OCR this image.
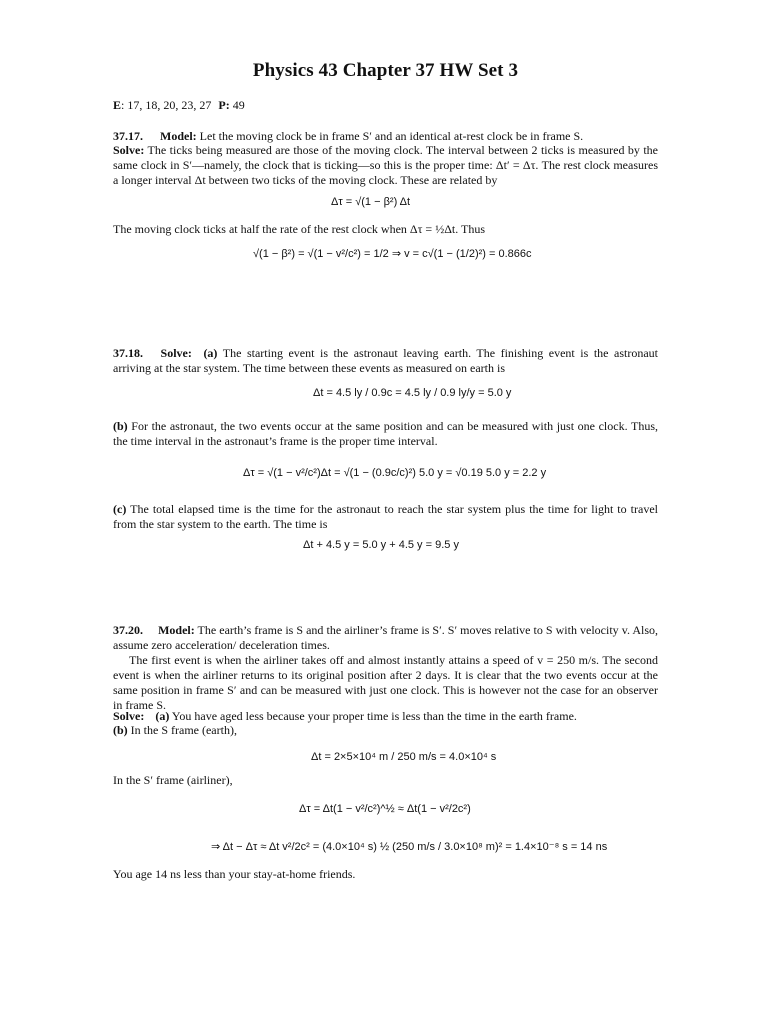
Physics 43 Chapter 37 HW Set 3
E: 17, 18, 20, 23, 27 P: 49
37.17. Model: Let the moving clock be in frame S′ and an identical at-rest clock be in frame S.
Solve: The ticks being measured are those of the moving clock. The interval between 2 ticks is measured by the same clock in S′—namely, the clock that is ticking—so this is the proper time: Δt′ = Δτ. The rest clock measures a longer interval Δt between two ticks of the moving clock. These are related by
Δτ = √(1 − β²) Δt
The moving clock ticks at half the rate of the rest clock when Δτ = ½Δt. Thus
√(1 − β²) = √(1 − v²/c²) = 1/2 ⇒ v = c√(1 − (1/2)²) = 0.866c
37.18. Solve: (a) The starting event is the astronaut leaving earth. The finishing event is the astronaut arriving at the star system. The time between these events as measured on earth is
Δt = 4.5 ly / 0.9c = 4.5 ly / 0.9 ly/y = 5.0 y
(b) For the astronaut, the two events occur at the same position and can be measured with just one clock. Thus, the time interval in the astronaut’s frame is the proper time interval.
Δτ = √(1 − v²/c²)Δt = √(1 − (0.9c/c)²) 5.0 y = √0.19 5.0 y = 2.2 y
(c) The total elapsed time is the time for the astronaut to reach the star system plus the time for light to travel from the star system to the earth. The time is
Δt + 4.5 y = 5.0 y + 4.5 y = 9.5 y
37.20. Model: The earth’s frame is S and the airliner’s frame is S′. S′ moves relative to S with velocity v. Also, assume zero acceleration/ deceleration times.
The first event is when the airliner takes off and almost instantly attains a speed of v = 250 m/s. The second event is when the airliner returns to its original position after 2 days. It is clear that the two events occur at the same position in frame S′ and can be measured with just one clock. This is however not the case for an observer in frame S.
Solve: (a) You have aged less because your proper time is less than the time in the earth frame.
(b) In the S frame (earth),
Δt = 2×5×10⁴ m / 250 m/s = 4.0×10⁴ s
In the S′ frame (airliner),
Δτ = Δt(1 − v²/c²)^½ ≈ Δt(1 − v²/2c²)
⇒ Δt − Δτ ≈ Δt v²/2c² = (4.0×10⁴ s) ½ (250 m/s / 3.0×10⁸ m)² = 1.4×10⁻⁸ s = 14 ns
You age 14 ns less than your stay-at-home friends.
